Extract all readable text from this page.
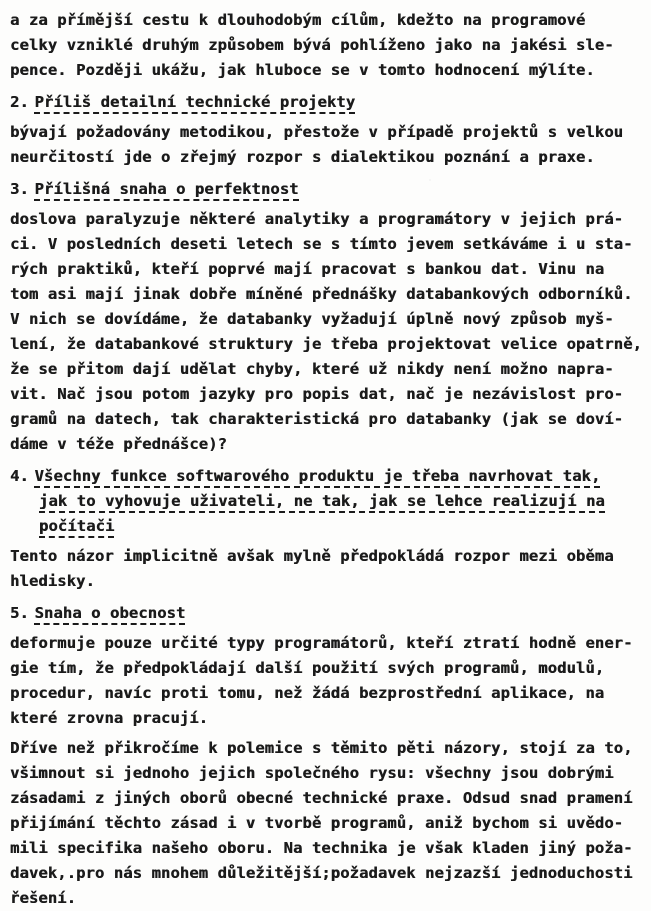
a za přímější cestu k dlouhodobým cílům, kdežto na programové
celky vzniklé druhým způsobem bývá pohlíženo jako na jakési sle-
pence. Později ukážu, jak hluboce se v tomto hodnocení mýlíte.
2. Příliš detailní technické projekty
bývají požadovány metodikou, přestože v případě projektů s velkou
neurčitostí jde o zřejmý rozpor s dialektikou poznání a praxe.
3. Přílišná snaha o perfektnost
doslova paralyzuje některé analytiky a programátory v jejich prá-
ci. V posledních deseti letech se s tímto jevem setkáváme i u sta-
rých praktiků, kteří poprvé mají pracovat s bankou dat. Vinu na
tom asi mají jinak dobře míněné přednášky databankových odborníků.
V nich se dovídáme, že databanky vyžadují úplně nový způsob myš-
lení, že databankové struktury je třeba projektovat velice opatrně,
že se přitom dají udělat chyby, které už nikdy není možno napra-
vit. Nač jsou potom jazyky pro popis dat, nač je nezávislost pro-
gramů na datech, tak charakteristická pro databanky (jak se doví-
dáme v téže přednášce)?
4. Všechny funkce softwarového produktu je třeba navrhovat tak,
jak to vyhovuje uživateli, ne tak, jak se lehce realizují na
počítači
Tento názor implicitně avšak mylně předpokládá rozpor mezi oběma
hledisky.
5. Snaha o obecnost
deformuje pouze určité typy programátorů, kteří ztratí hodně ener-
gie tím, že předpokládají další použití svých programů, modulů,
procedur, navíc proti tomu, než žádá bezprostřední aplikace, na
které zrovna pracují.
Dříve než přikročíme k polemice s těmito pěti názory, stojí za to,
všimnout si jednoho jejich společného rysu: všechny jsou dobrými
zásadami z jiných oborů obecné technické praxe. Odsud snad pramení
přijímání těchto zásad i v tvorbě programů, aniž bychom si uvědo-
mili specifika našeho oboru. Na technika je však kladen jiný poža-
davek,.pro nás mnohem důležitější;požadavek nejzazší jednoduchosti
řešení.
